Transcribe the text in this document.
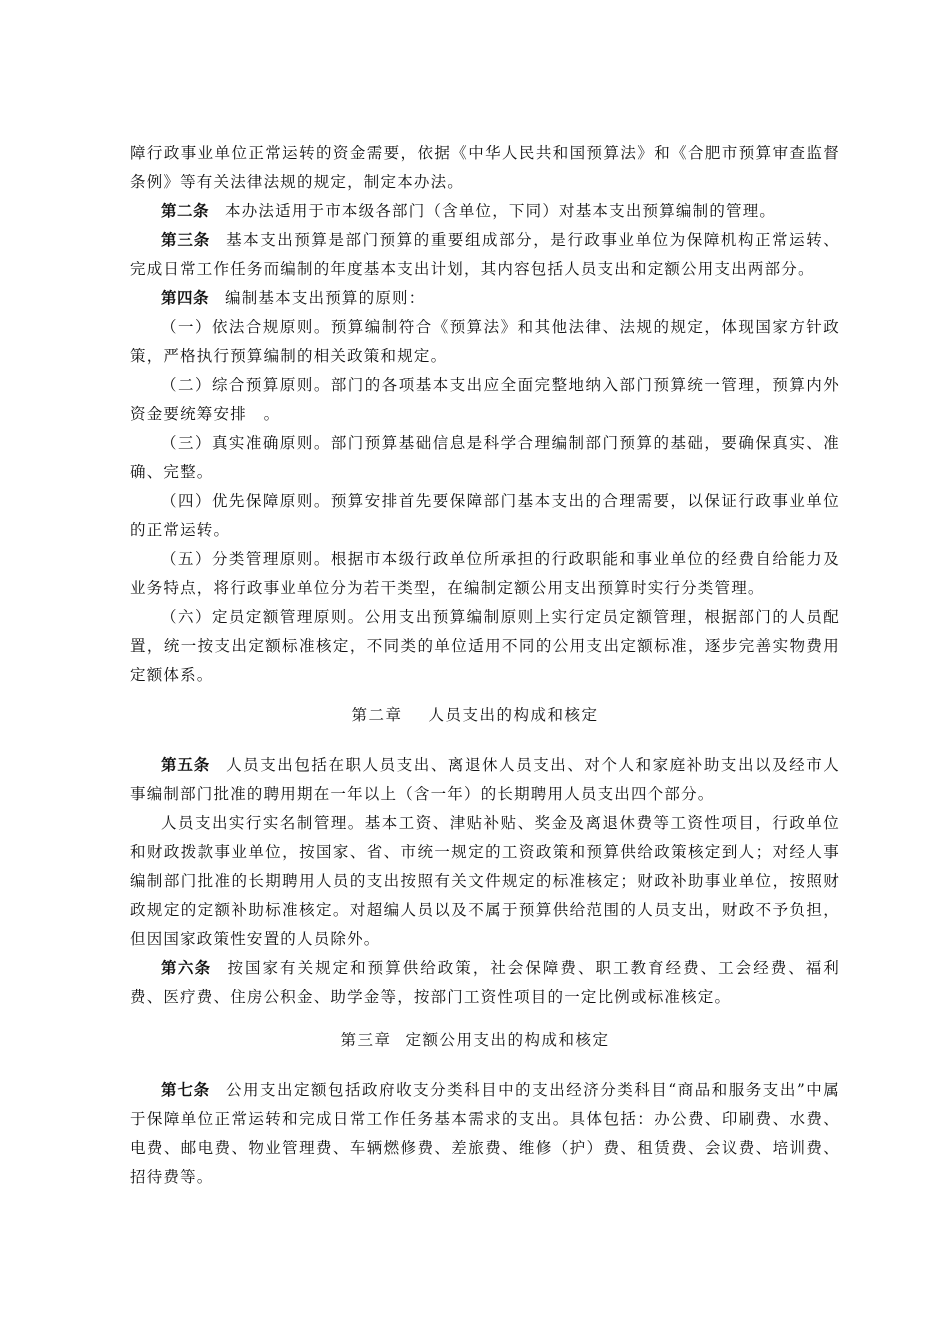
障行政事业单位正常运转的资金需要，依据《中华人民共和国预算法》和《合肥市预算审查监督条例》等有关法律法规的规定，制定本办法。

第二条 本办法适用于市本级各部门（含单位，下同）对基本支出预算编制的管理。

第三条 基本支出预算是部门预算的重要组成部分，是行政事业单位为保障机构正常运转、完成日常工作任务而编制的年度基本支出计划，其内容包括人员支出和定额公用支出两部分。

第四条 编制基本支出预算的原则：

（一）依法合规原则。预算编制符合《预算法》和其他法律、法规的规定，体现国家方针政策，严格执行预算编制的相关政策和规定。

（二）综合预算原则。部门的各项基本支出应全面完整地纳入部门预算统一管理，预算内外资金要统筹安排　。

（三）真实准确原则。部门预算基础信息是科学合理编制部门预算的基础，要确保真实、准确、完整。

（四）优先保障原则。预算安排首先要保障部门基本支出的合理需要，以保证行政事业单位的正常运转。

（五）分类管理原则。根据市本级行政单位所承担的行政职能和事业单位的经费自给能力及业务特点，将行政事业单位分为若干类型，在编制定额公用支出预算时实行分类管理。

（六）定员定额管理原则。公用支出预算编制原则上实行定员定额管理，根据部门的人员配置，统一按支出定额标准核定，不同类的单位适用不同的公用支出定额标准，逐步完善实物费用定额体系。

第二章 人员支出的构成和核定

第五条 人员支出包括在职人员支出、离退休人员支出、对个人和家庭补助支出以及经市人事编制部门批准的聘用期在一年以上（含一年）的长期聘用人员支出四个部分。

人员支出实行实名制管理。基本工资、津贴补贴、奖金及离退休费等工资性项目，行政单位和财政拨款事业单位，按国家、省、市统一规定的工资政策和预算供给政策核定到人；对经人事编制部门批准的长期聘用人员的支出按照有关文件规定的标准核定；财政补助事业单位，按照财政规定的定额补助标准核定。对超编人员以及不属于预算供给范围的人员支出，财政不予负担，但因国家政策性安置的人员除外。

第六条 按国家有关规定和预算供给政策，社会保障费、职工教育经费、工会经费、福利费、医疗费、住房公积金、助学金等，按部门工资性项目的一定比例或标准核定。

第三章 定额公用支出的构成和核定

第七条 公用支出定额包括政府收支分类科目中的支出经济分类科目“商品和服务支出”中属于保障单位正常运转和完成日常工作任务基本需求的支出。具体包括：办公费、印刷费、水费、电费、邮电费、物业管理费、车辆燃修费、差旅费、维修（护）费、租赁费、会议费、培训费、招待费等。
